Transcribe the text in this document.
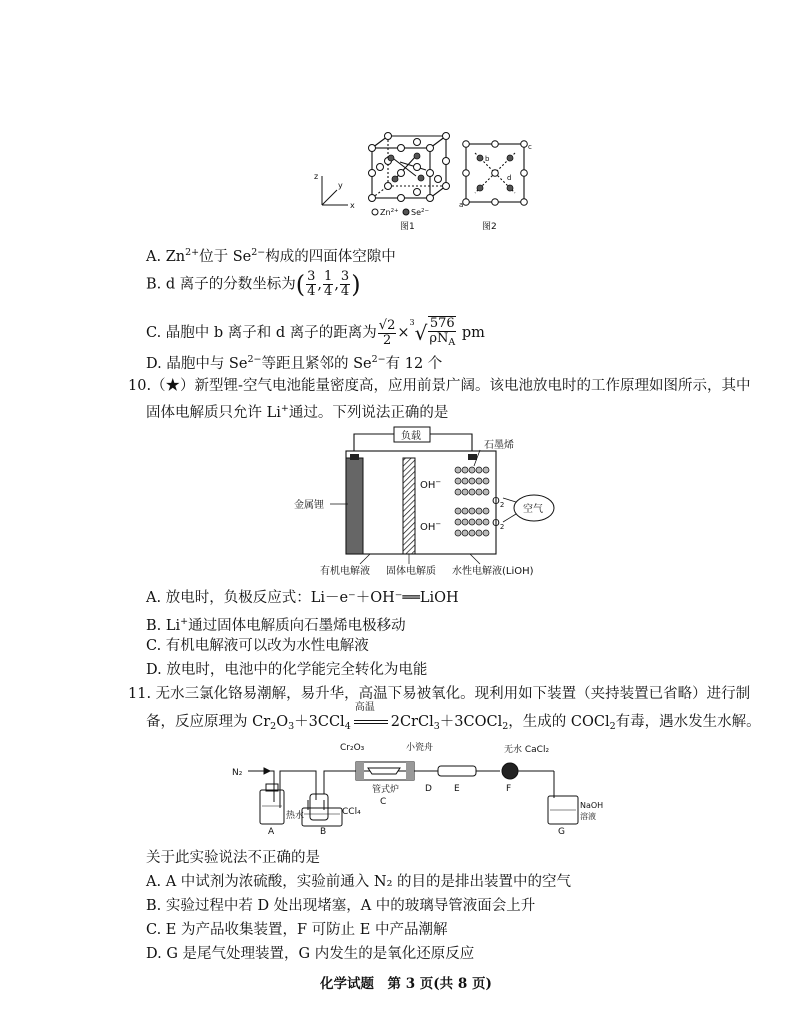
x
y
z
$Zn^{2+}$ $Se^{2-}$
图1
a
b
c
d
图2
A. $Zn^{2+}$位于 $Se^{2-}$构成的四面体空隙中
B. d 离子的分数坐标为( $\frac{3}{4}$ , $\frac{1}{4}$ , $\frac{3}{4}$ )
C. 晶胞中 b 离子和 d 离子的距离为 $\frac{√2}{2} \times^3√ \frac{576}{\rho N_A}$ pm
D. 晶胞中与 $Se^{2-}$等距且紧邻的 $Se^{2-}$有 12 个
10.（★）新型锂-空气电池能量密度高，应用前景广阔。该电池放电时的工作原理如图所示，其中
固体电解质只允许 Li+通过。下列说法正确的是
负载
石墨烯
OH−
OH−
$O_2$
$O_2$
空气
金属锂
有机电解液 固体电解质 水性电解液(LiOH)
A. 放电时，负极反应式：Li－e⁻＋OH⁻══LiOH
B. Li+通过固体电解质向石墨烯电极移动
C. 有机电解液可以改为水性电解液
D. 放电时，电池中的化学能完全转化为电能
11. 无水三氯化铬易潮解，易升华，高温下易被氧化。现利用如下装置（夹持装置已省略）进行制
备，反应原理为 $Cr_2O_3+3CCl_4$
高温
2CrCl$_3$＋3COCl$_2$，生成的 COCl$_2$有毒，遇水发生水解。
N₂
热水	CCl₄
Cr₂O₃	小瓷舟
管式炉
无水 CaCl₂
NaOH
溶液
A	B
C
D E	F
G
关于此实验说法不正确的是
A. A 中试剂为浓硫酸，实验前通入 N₂ 的目的是排出装置中的空气
B. 实验过程中若 D 处出现堵塞，A 中的玻璃导管液面会上升
C. E 为产品收集装置，F 可防止 E 中产品潮解
D. G 是尾气处理装置，G 内发生的是氧化还原反应
化学试题　第 3 页(共 8 页)
